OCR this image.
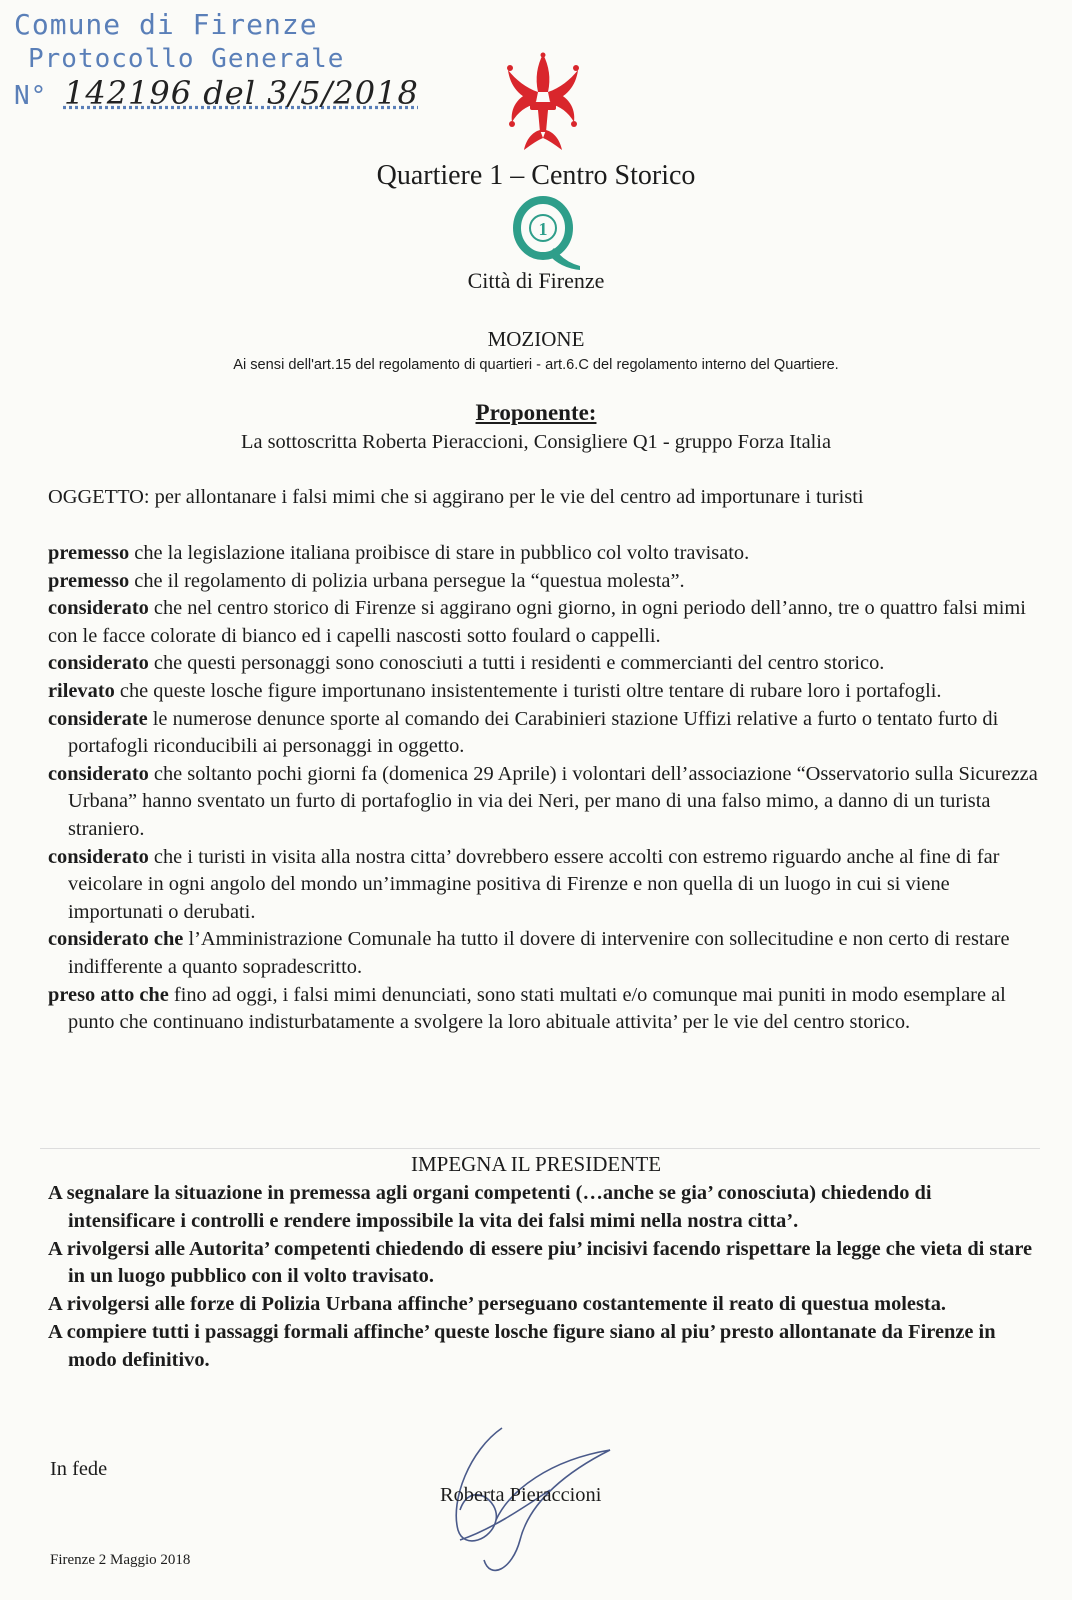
Comune di Firenze
Protocollo Generale
N° 142196 del 3/5/2018
Quartiere 1 – Centro Storico
1
Città di Firenze
MOZIONE
Ai sensi dell'art.15 del regolamento di quartieri - art.6.C del regolamento interno del Quartiere.
Proponente:
La sottoscritta Roberta Pieraccioni, Consigliere Q1 - gruppo Forza Italia
OGGETTO: per allontanare i falsi mimi che si aggirano per le vie del centro ad importunare i turisti

premesso che la legislazione italiana proibisce di stare in pubblico col volto travisato.

premesso che il regolamento di polizia urbana persegue la “questua molesta”.

considerato che nel centro storico di Firenze si aggirano ogni giorno, in ogni periodo dell’anno, tre o quattro falsi mimi con le facce colorate di bianco ed i capelli nascosti sotto foulard o cappelli.

considerato che questi personaggi sono conosciuti a tutti i residenti e commercianti del centro storico.

rilevato che queste losche figure importunano insistentemente i turisti oltre tentare di rubare loro i portafogli.

considerate le numerose denunce sporte al comando dei Carabinieri stazione Uffizi relative a furto o tentato furto di portafogli riconducibili ai personaggi in oggetto.

considerato che soltanto pochi giorni fa (domenica 29 Aprile) i volontari dell’associazione “Osservatorio sulla Sicurezza Urbana” hanno sventato un furto di portafoglio in via dei Neri, per mano di una falso mimo, a danno di un turista straniero.

considerato che i turisti in visita alla nostra citta’ dovrebbero essere accolti con estremo riguardo anche al fine di far veicolare in ogni angolo del mondo un’immagine positiva di Firenze e non quella di un luogo in cui si viene importunati o derubati.

considerato che l’Amministrazione Comunale ha tutto il dovere di intervenire con sollecitudine e non certo di restare indifferente a quanto sopradescritto.

preso atto che fino ad oggi, i falsi mimi denunciati, sono stati multati e/o comunque mai puniti in modo esemplare al punto che continuano indisturbatamente a svolgere la loro abituale attivita’ per le vie del centro storico.

IMPEGNA IL PRESIDENTE

A segnalare la situazione in premessa agli organi competenti (…anche se gia’ conosciuta) chiedendo di intensificare i controlli e rendere impossibile la vita dei falsi mimi nella nostra citta’.

A rivolgersi alle Autorita’ competenti chiedendo di essere piu’ incisivi facendo rispettare la legge che vieta di stare in un luogo pubblico con il volto travisato.

A rivolgersi alle forze di Polizia Urbana affinche’ perseguano costantemente il reato di questua molesta.

A compiere tutti i passaggi formali affinche’ queste losche figure siano al piu’ presto allontanate da Firenze in modo definitivo.

In fede
Roberta Pieraccioni
Firenze 2 Maggio 2018
